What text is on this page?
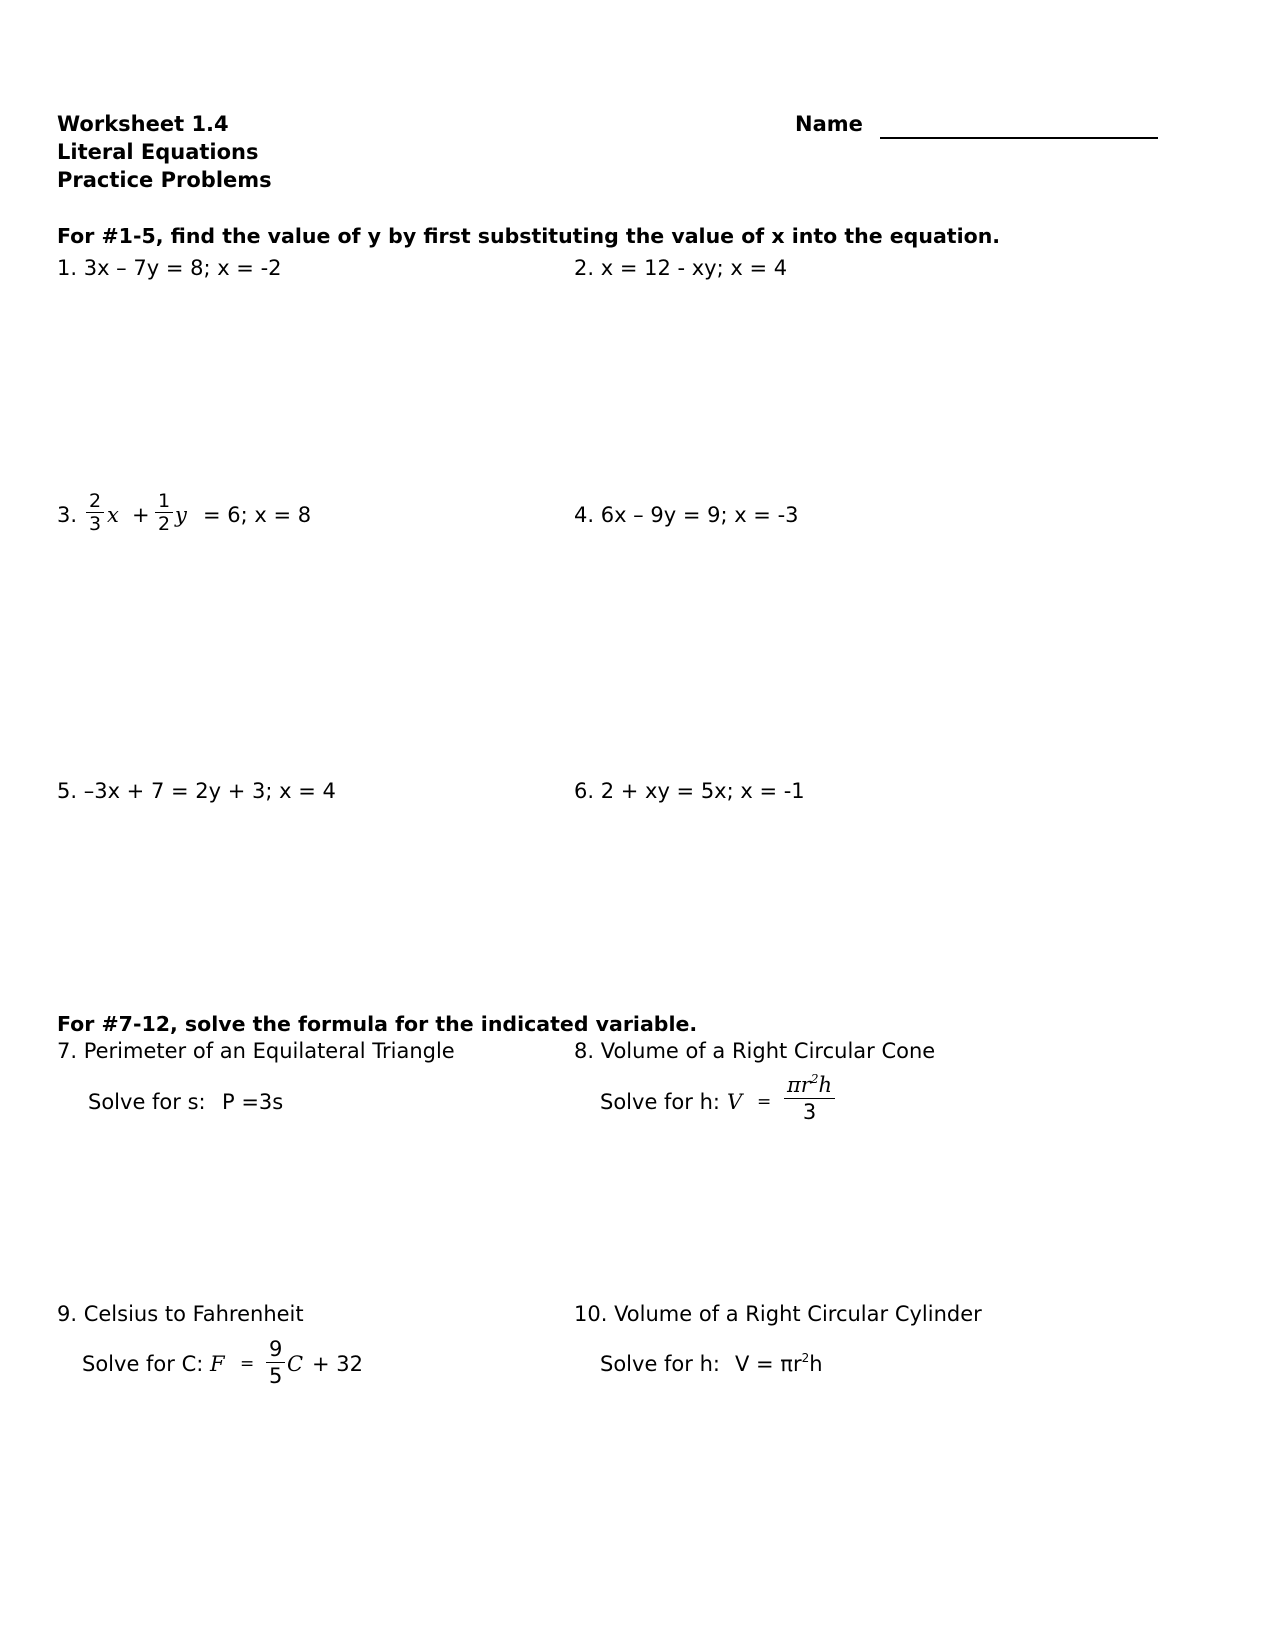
Worksheet 1.4
Literal Equations
Practice Problems
Name
For #1-5, find the value of y by first substituting the value of x into the equation.
1. 3x – 7y = 8; x = -2	2. x = 12 - xy; x = 4
3.
2
3 x +
1
2 y = 6; x = 8	4. 6x – 9y = 9; x = -3
5. –3x + 7 = 2y + 3; x = 4	6. 2 + xy = 5x; x = -1
For #7-12, solve the formula for the indicated variable.
7. Perimeter of an Equilateral Triangle
Solve for s: P =3s
8. Volume of a Right Circular Cone
Solve for h: V =
$\pi r^2h$
3
9. Celsius to Fahrenheit
Solve for C: F =
9
5 C + 32
10. Volume of a Right Circular Cylinder
Solve for h: $V = \pi r^2h$
